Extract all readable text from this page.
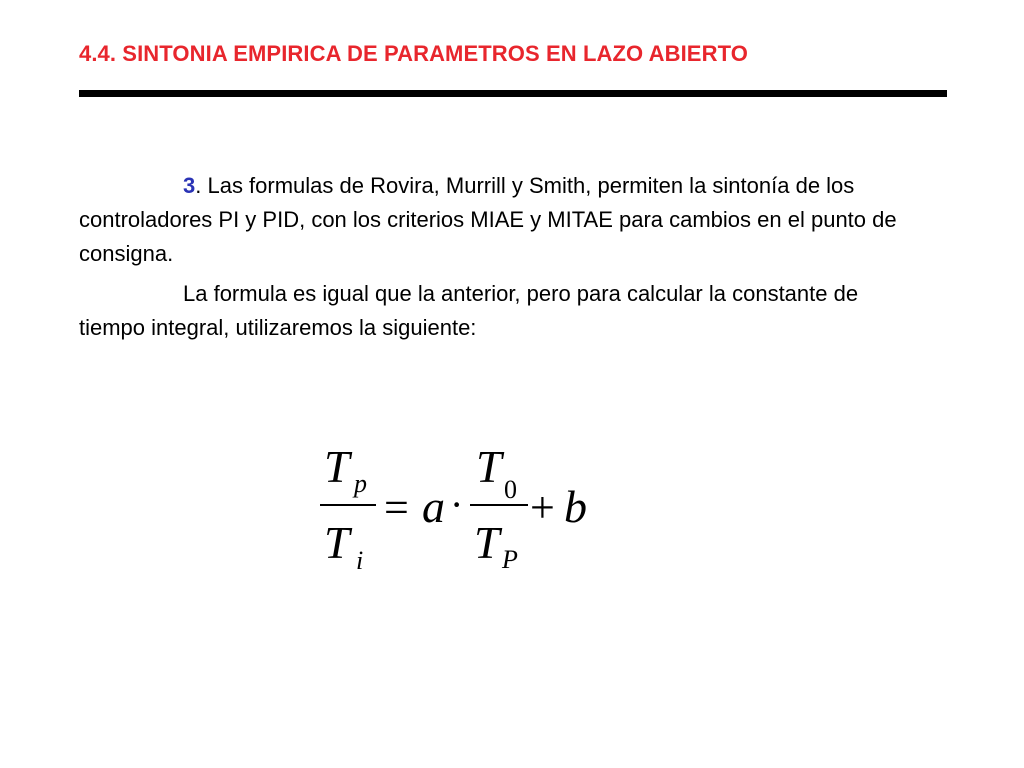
4.4. SINTONIA EMPIRICA DE PARAMETROS EN LAZO ABIERTO

3. Las formulas de Rovira, Murrill y Smith, permiten la sintonía de los controladores PI y PID, con los criterios MIAE y MITAE para cambios en el punto de consigna.

La formula es igual que la anterior, pero para calcular la constante de tiempo integral, utilizaremos la siguiente:

T p
T i
= a ·
T 0
T P
+ b
